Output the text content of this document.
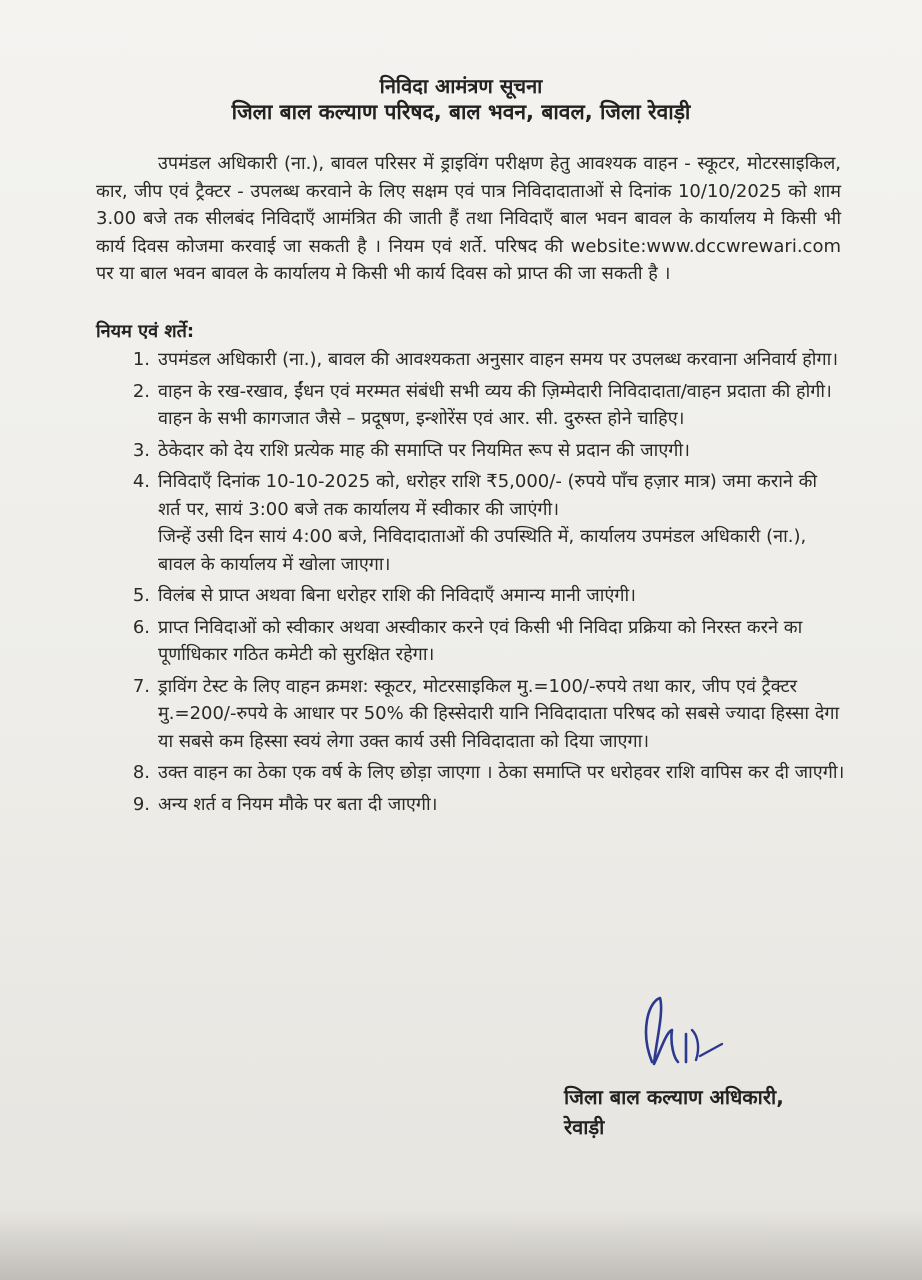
निविदा आमंत्रण सूचना
जिला बाल कल्याण परिषद, बाल भवन, बावल, जिला रेवाड़ी
उपमंडल अधिकारी (ना.), बावल परिसर में ड्राइविंग परीक्षण हेतु आवश्यक वाहन - स्कूटर, मोटरसाइकिल, कार, जीप एवं ट्रैक्टर - उपलब्ध करवाने के लिए सक्षम एवं पात्र निविदादाताओं से दिनांक 10/10/2025 को शाम 3.00 बजे तक सीलबंद निविदाएँ आमंत्रित की जाती हैं तथा निविदाएँ बाल भवन बावल के कार्यालय मे किसी भी कार्य दिवस कोजमा करवाई जा सकती है । नियम एवं शर्ते. परिषद की website:www.dccwrewari.com पर या बाल भवन बावल के कार्यालय मे किसी भी कार्य दिवस को प्राप्त की जा सकती है ।
नियम एवं शर्ते:
1. उपमंडल अधिकारी (ना.), बावल की आवश्यकता अनुसार वाहन समय पर उपलब्ध करवाना अनिवार्य होगा।
2. वाहन के रख-रखाव, ईंधन एवं मरम्मत संबंधी सभी व्यय की ज़िम्मेदारी निविदादाता/वाहन प्रदाता की होगी। वाहन के सभी कागजात जैसे – प्रदूषण, इन्शोरेंस एवं आर. सी. दुरुस्त होने चाहिए।
3. ठेकेदार को देय राशि प्रत्येक माह की समाप्ति पर नियमित रूप से प्रदान की जाएगी।
4. निविदाएँ दिनांक 10-10-2025 को, धरोहर राशि ₹5,000/- (रुपये पाँच हज़ार मात्र) जमा कराने की शर्त पर, सायं 3:00 बजे तक कार्यालय में स्वीकार की जाएंगी।
जिन्हें उसी दिन सायं 4:00 बजे, निविदादाताओं की उपस्थिति में, कार्यालय उपमंडल अधिकारी (ना.), बावल के कार्यालय में खोला जाएगा।
5. विलंब से प्राप्त अथवा बिना धरोहर राशि की निविदाएँ अमान्य मानी जाएंगी।
6. प्राप्त निविदाओं को स्वीकार अथवा अस्वीकार करने एवं किसी भी निविदा प्रक्रिया को निरस्त करने का पूर्णाधिकार गठित कमेटी को सुरक्षित रहेगा।
7. ड्राविंग टेस्ट के लिए वाहन क्रमश: स्कूटर, मोटरसाइकिल मु.=100/-रुपये तथा कार, जीप एवं ट्रैक्टर मु.=200/-रुपये के आधार पर 50% की हिस्सेदारी यानि निविदादाता परिषद को सबसे ज्यादा हिस्सा देगा या सबसे कम हिस्सा स्वयं लेगा उक्त कार्य उसी निविदादाता को दिया जाएगा।
8. उक्त वाहन का ठेका एक वर्ष के लिए छोड़ा जाएगा । ठेका समाप्ति पर धरोहवर राशि वापिस कर दी जाएगी।
9. अन्य शर्त व नियम मौके पर बता दी जाएगी।
जिला बाल कल्याण अधिकारी,
रेवाड़ी
